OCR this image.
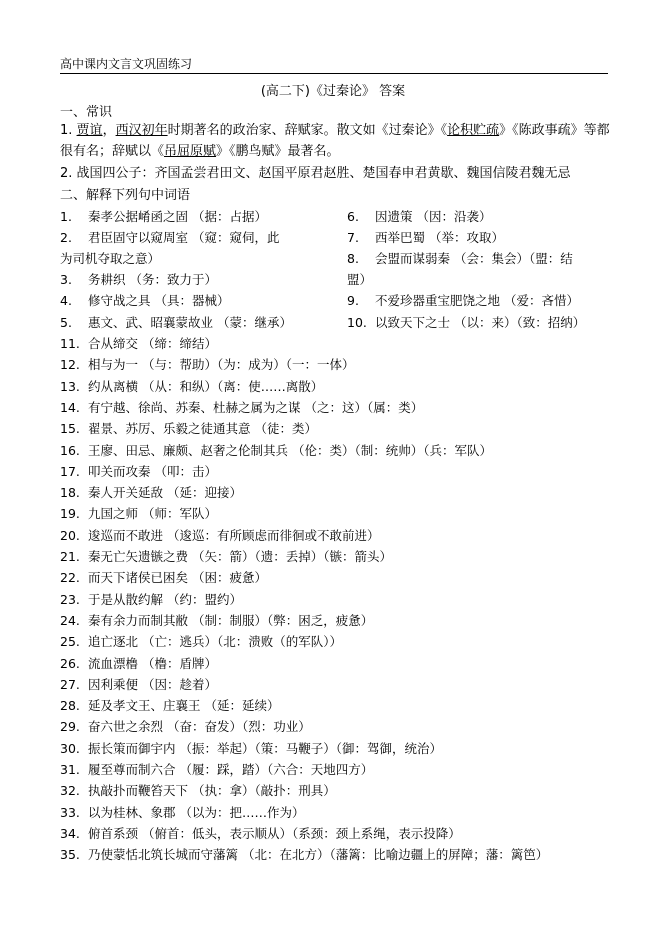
高中课内文言文巩固练习
(高二下)《过秦论》 答案
一、常识
1. 贾谊，西汉初年时期著名的政治家、辞赋家。散文如《过秦论》《论积贮疏》《陈政事疏》等都很有名；辞赋以《吊屈原赋》《鹏鸟赋》最著名。
2. 战国四公子：齐国孟尝君田文、赵国平原君赵胜、楚国春申君黄歇、魏国信陵君魏无忌
二、解释下列句中词语
1. 秦孝公据崤函之固 （据：占据）
2. 君臣固守以窥周室 （窥：窥伺，此
3. 务耕织 （务：致力于）
4. 修守战之具 （具：器械）
5. 惠文、武、昭襄蒙故业 （蒙：继承）
6. 因遗策 （因：沿袭）
7. 西举巴蜀 （举：攻取）
8. 会盟而谋弱秦 （会：集会）（盟：结
9. 不爱珍器重宝肥饶之地 （爱：吝惜）
10. 以致天下之士 （以：来）（致：招纳）
为司机夺取之意）
盟）
11. 合从缔交 （缔：缔结）
12. 相与为一 （与：帮助）（为：成为）（一：一体）
13. 约从离横 （从：和纵）（离：使……离散）
14. 有宁越、徐尚、苏秦、杜赫之属为之谋 （之：这）（属：类）
15. 翟景、苏厉、乐毅之徒通其意 （徒：类）
16. 王廖、田忌、廉颇、赵奢之伦制其兵 （伦：类）（制：统帅）（兵：军队）
17. 叩关而攻秦 （叩：击）
18. 秦人开关延敌 （延：迎接）
19. 九国之师 （师：军队）
20. 逡巡而不敢进 （逡巡：有所顾虑而徘徊或不敢前进）
21. 秦无亡矢遗镞之费 （矢：箭）（遗：丢掉）（镞：箭头）
22. 而天下诸侯已困矣 （困：疲惫）
23. 于是从散约解 （约：盟约）
24. 秦有余力而制其敝 （制：制服）（弊：困乏，疲惫）
25. 追亡逐北 （亡：逃兵）（北：溃败（的军队））
26. 流血漂橹 （橹：盾牌）
27. 因利乘便 （因：趁着）
28. 延及孝文王、庄襄王 （延：延续）
29. 奋六世之余烈 （奋：奋发）（烈：功业）
30. 振长策而御宇内 （振：举起）（策：马鞭子）（御：驾御，统治）
31. 履至尊而制六合 （履：踩，踏）（六合：天地四方）
32. 执敲扑而鞭笞天下 （执：拿）（敲扑：刑具）
33. 以为桂林、象郡 （以为：把……作为）
34. 俯首系颈 （俯首：低头，表示顺从）（系颈：颈上系绳，表示投降）
35. 乃使蒙恬北筑长城而守藩篱 （北：在北方）（藩篱：比喻边疆上的屏障；藩：篱笆）
